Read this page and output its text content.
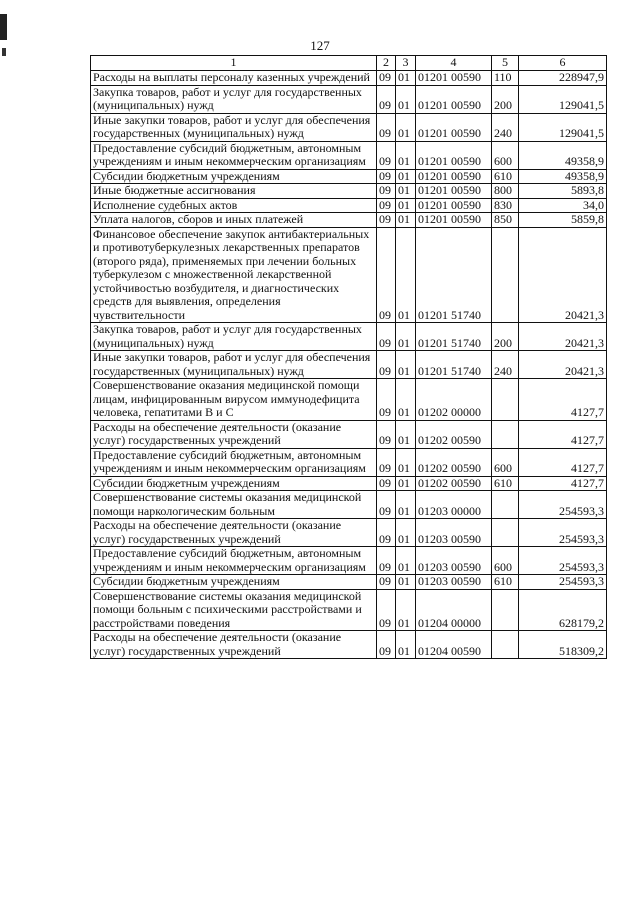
127
1	2	3	4	5	6
Расходы на выплаты персоналу казенных учреждений	09	01	01201 00590	110	228947,9
Закупка товаров, работ и услуг для государственных (муниципальных) нужд	09	01	01201 00590	200	129041,5
Иные закупки товаров, работ и услуг для обеспечения государственных (муниципальных) нужд	09	01	01201 00590	240	129041,5
Предоставление субсидий бюджетным, автономным учреждениям и иным некоммерческим организациям	09	01	01201 00590	600	49358,9
Субсидии бюджетным учреждениям	09	01	01201 00590	610	49358,9
Иные бюджетные ассигнования	09	01	01201 00590	800	5893,8
Исполнение судебных актов	09	01	01201 00590	830	34,0
Уплата налогов, сборов и иных платежей	09	01	01201 00590	850	5859,8
Финансовое обеспечение закупок антибактериальных и противотуберкулезных лекарственных препаратов (второго ряда), применяемых при лечении больных туберкулезом с множественной лекарственной устойчивостью возбудителя, и диагностических средств для выявления, определения чувствительности	09	01	01201 51740		20421,3
Закупка товаров, работ и услуг для государственных (муниципальных) нужд	09	01	01201 51740	200	20421,3
Иные закупки товаров, работ и услуг для обеспечения государственных (муниципальных) нужд	09	01	01201 51740	240	20421,3
Совершенствование оказания медицинской помощи лицам, инфицированным вирусом иммунодефицита человека, гепатитами В и С	09	01	01202 00000		4127,7
Расходы на обеспечение деятельности (оказание услуг) государственных учреждений	09	01	01202 00590		4127,7
Предоставление субсидий бюджетным, автономным учреждениям и иным некоммерческим организациям	09	01	01202 00590	600	4127,7
Субсидии бюджетным учреждениям	09	01	01202 00590	610	4127,7
Совершенствование системы оказания медицинской помощи наркологическим больным	09	01	01203 00000		254593,3
Расходы на обеспечение деятельности (оказание услуг) государственных учреждений	09	01	01203 00590		254593,3
Предоставление субсидий бюджетным, автономным учреждениям и иным некоммерческим организациям	09	01	01203 00590	600	254593,3
Субсидии бюджетным учреждениям	09	01	01203 00590	610	254593,3
Совершенствование системы оказания медицинской помощи больным с психическими расстройствами и расстройствами поведения	09	01	01204 00000		628179,2
Расходы на обеспечение деятельности (оказание услуг) государственных учреждений	09	01	01204 00590		518309,2
